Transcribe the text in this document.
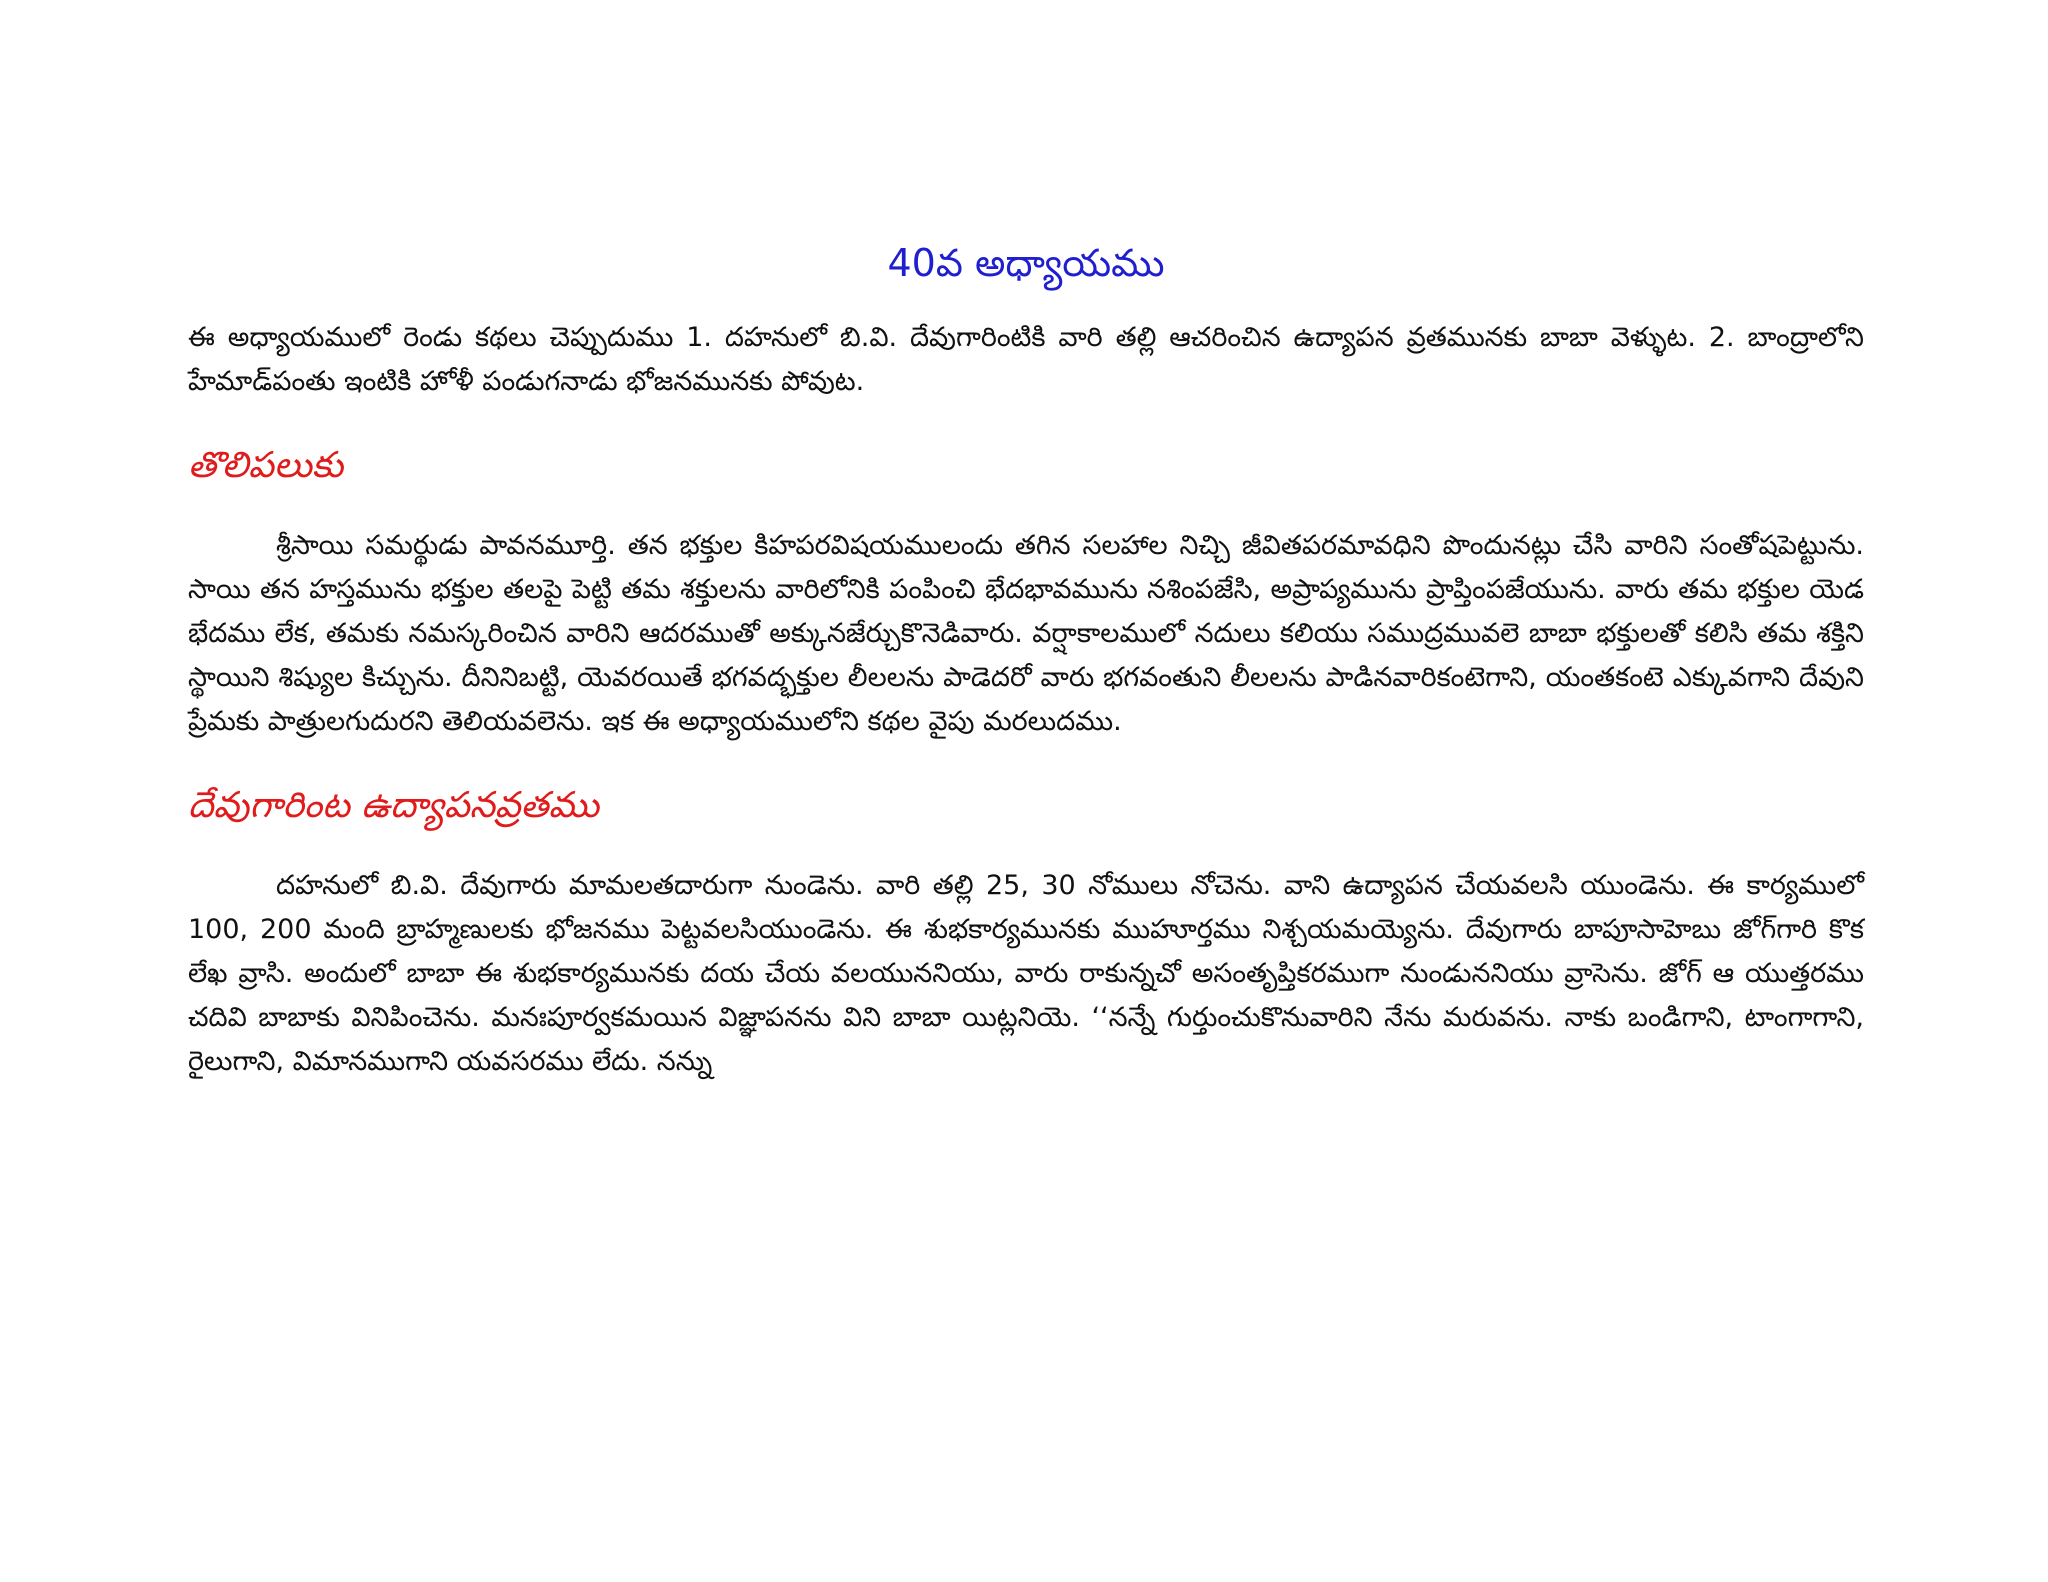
40వ అధ్యాయము

ఈ అధ్యాయములో రెండు కథలు చెప్పుదుము 1. దహనులో బి.వి. దేవుగారింటికి వారి తల్లి ఆచరించిన ఉద్యాపన వ్రతమునకు బాబా వెళ్ళుట. 2. బాంద్రాలోని హేమాడ్‌పంతు ఇంటికి హోళీ పండుగనాడు భోజనమునకు పోవుట.

తొలిపలుకు

శ్రీసాయి సమర్థుడు పావనమూర్తి. తన భక్తుల కిహపరవిషయములందు తగిన సలహాల నిచ్చి జీవితపరమావధిని పొందునట్లు చేసి వారిని సంతోషపెట్టును. సాయి తన హస్తమును భక్తుల తలపై పెట్టి తమ శక్తులను వారిలోనికి పంపించి భేదభావమును నశింపజేసి, అప్రాప్యమును ప్రాప్తింపజేయును. వారు తమ భక్తుల యెడ భేదము లేక, తమకు నమస్కరించిన వారిని ఆదరముతో అక్కునజేర్చుకొనెడివారు. వర్షాకాలములో నదులు కలియు సముద్రమువలె బాబా భక్తులతో కలిసి తమ శక్తిని స్థాయిని శిష్యుల కిచ్చును. దీనినిబట్టి, యెవరయితే భగవద్భక్తుల లీలలను పాడెదరో వారు భగవంతుని లీలలను పాడినవారికంటెగాని, యంతకంటె ఎక్కువగాని దేవుని ప్రేమకు పాత్రులగుదురని తెలియవలెను. ఇక ఈ అధ్యాయములోని కథల వైపు మరలుదము.

దేవుగారింట ఉద్యాపనవ్రతము

దహనులో బి.వి. దేవుగారు మామలతదారుగా నుండెను. వారి తల్లి 25, 30 నోములు నోచెను. వాని ఉద్యాపన చేయవలసి యుండెను. ఈ కార్యములో 100, 200 మంది బ్రాహ్మణులకు భోజనము పెట్టవలసియుండెను. ఈ శుభకార్యమునకు ముహూర్తము నిశ్చయమయ్యెను. దేవుగారు బాపూసాహెబు జోగ్‌గారి కొక లేఖ వ్రాసి. అందులో బాబా ఈ శుభకార్యమునకు దయ చేయ వలయుననియు, వారు రాకున్నచో అసంతృప్తికరముగా నుండుననియు వ్రాసెను. జోగ్ ఆ యుత్తరము చదివి బాబాకు వినిపించెను. మనఃపూర్వకమయిన విజ్ఞాపనను విని బాబా యిట్లనియె. ‘‘నన్నే గుర్తుంచుకొనువారిని నేను మరువను. నాకు బండిగాని, టాంగాగాని, రైలుగాని, విమానముగాని యవసరము లేదు. నన్ను
